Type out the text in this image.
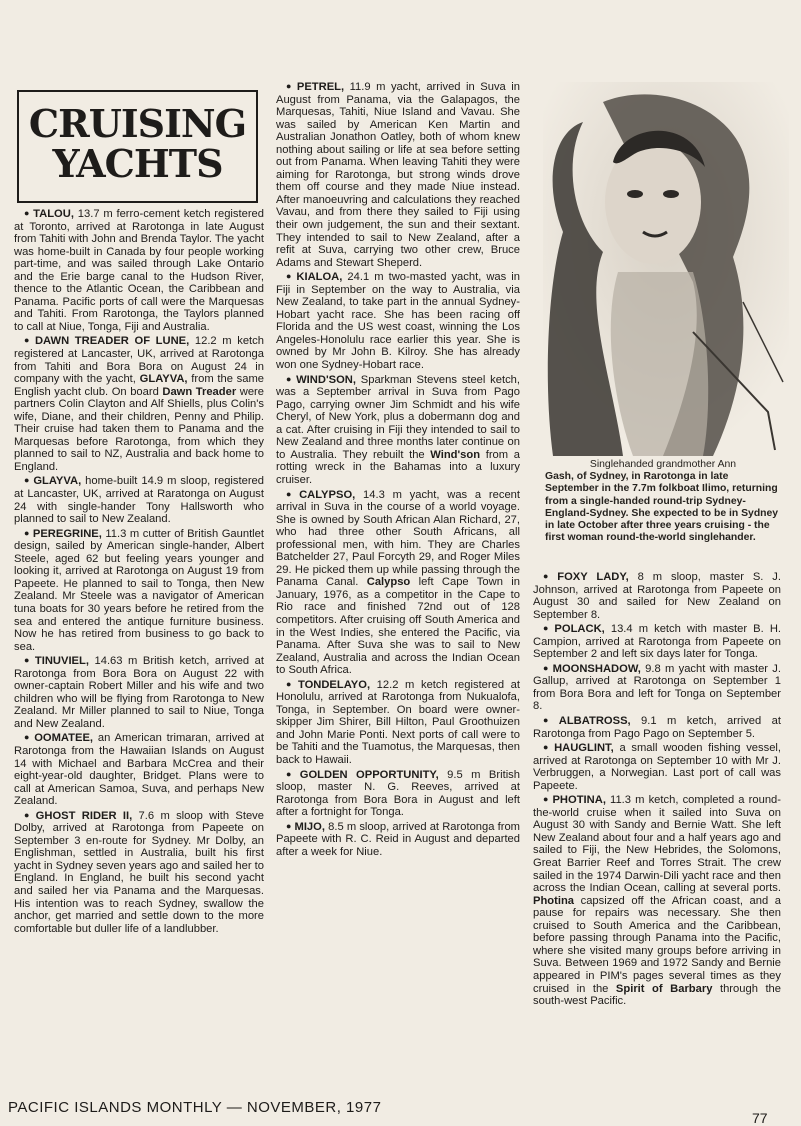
CRUISING
YACHTS

● TALOU, 13.7 m ferro-cement ketch registered at Toronto, arrived at Rarotonga in late August from Tahiti with John and Brenda Taylor. The yacht was home-built in Canada by four people working part-time, and was sailed through Lake Ontario and the Erie barge canal to the Hudson River, thence to the Atlantic Ocean, the Caribbean and Panama. Pacific ports of call were the Marquesas and Tahiti. From Rarotonga, the Taylors planned to call at Niue, Tonga, Fiji and Australia.

● DAWN TREADER OF LUNE, 12.2 m ketch registered at Lancaster, UK, arrived at Rarotonga from Tahiti and Bora Bora on August 24 in company with the yacht, GLAYVA, from the same English yacht club. On board Dawn Treader were partners Colin Clayton and Alf Shiells, plus Colin's wife, Diane, and their children, Penny and Philip. Their cruise had taken them to Panama and the Marquesas before Rarotonga, from which they planned to sail to NZ, Australia and back home to England.

● GLAYVA, home-built 14.9 m sloop, registered at Lancaster, UK, arrived at Raratonga on August 24 with single-hander Tony Hallsworth who planned to sail to New Zealand.

● PEREGRINE, 11.3 m cutter of British Gauntlet design, sailed by American single-hander, Albert Steele, aged 62 but feeling years younger and looking it, arrived at Rarotonga on August 19 from Papeete. He planned to sail to Tonga, then New Zealand. Mr Steele was a navigator of American tuna boats for 30 years before he retired from the sea and entered the antique furniture business. Now he has retired from business to go back to sea.

● TINUVIEL, 14.63 m British ketch, arrived at Rarotonga from Bora Bora on August 22 with owner-captain Robert Miller and his wife and two children who will be flying from Rarotonga to New Zealand. Mr Miller planned to sail to Niue, Tonga and New Zealand.

● OOMATEE, an American trimaran, arrived at Rarotonga from the Hawaiian Islands on August 14 with Michael and Barbara McCrea and their eight-year-old daughter, Bridget. Plans were to call at American Samoa, Suva, and perhaps New Zealand.

● GHOST RIDER II, 7.6 m sloop with Steve Dolby, arrived at Rarotonga from Papeete on September 3 en-route for Sydney. Mr Dolby, an Englishman, settled in Australia, built his first yacht in Sydney seven years ago and sailed her to England. In England, he built his second yacht and sailed her via Panama and the Marquesas. His intention was to reach Sydney, swallow the anchor, get married and settle down to the more comfortable but duller life of a landlubber.

● PETREL, 11.9 m yacht, arrived in Suva in August from Panama, via the Galapagos, the Marquesas, Tahiti, Niue Island and Vavau. She was sailed by American Ken Martin and Australian Jonathon Oatley, both of whom knew nothing about sailing or life at sea before setting out from Panama. When leaving Tahiti they were aiming for Rarotonga, but strong winds drove them off course and they made Niue instead. After manoeuvring and calculations they reached Vavau, and from there they sailed to Fiji using their own judgement, the sun and their sextant. They intended to sail to New Zealand, after a refit at Suva, carrying two other crew, Bruce Adams and Stewart Sheperd.

● KIALOA, 24.1 m two-masted yacht, was in Fiji in September on the way to Australia, via New Zealand, to take part in the annual Sydney-Hobart yacht race. She has been racing off Florida and the US west coast, winning the Los Angeles-Honolulu race earlier this year. She is owned by Mr John B. Kilroy. She has already won one Sydney-Hobart race.

● WIND'SON, Sparkman Stevens steel ketch, was a September arrival in Suva from Pago Pago, carrying owner Jim Schmidt and his wife Cheryl, of New York, plus a dobermann dog and a cat. After cruising in Fiji they intended to sail to New Zealand and three months later continue on to Australia. They rebuilt the Wind'son from a rotting wreck in the Bahamas into a luxury cruiser.

● CALYPSO, 14.3 m yacht, was a recent arrival in Suva in the course of a world voyage. She is owned by South African Alan Richard, 27, who had three other South Africans, all professional men, with him. They are Charles Batchelder 27, Paul Forcyth 29, and Roger Miles 29. He picked them up while passing through the Panama Canal. Calypso left Cape Town in January, 1976, as a competitor in the Cape to Rio race and finished 72nd out of 128 competitors. After cruising off South America and in the West Indies, she entered the Pacific, via Panama. After Suva she was to sail to New Zealand, Australia and across the Indian Ocean to South Africa.

● TONDELAYO, 12.2 m ketch registered at Honolulu, arrived at Rarotonga from Nukualofa, Tonga, in September. On board were owner-skipper Jim Shirer, Bill Hilton, Paul Groothuizen and John Marie Ponti. Next ports of call were to be Tahiti and the Tuamotus, the Marquesas, then back to Hawaii.

● GOLDEN OPPORTUNITY, 9.5 m British sloop, master N. G. Reeves, arrived at Rarotonga from Bora Bora in August and left after a fortnight for Tonga.

● MIJO, 8.5 m sloop, arrived at Rarotonga from Papeete with R. C. Reid in August and departed after a week for Niue.

Singlehanded grandmother Ann
Gash, of Sydney, in Rarotonga in late September in the 7.7m folkboat Ilimo, returning from a single-handed round-trip Sydney-England-Sydney. She expected to be in Sydney in late October after three years cruising - the first woman round-the-world singlehander.

● FOXY LADY, 8 m sloop, master S. J. Johnson, arrived at Rarotonga from Papeete on August 30 and sailed for New Zealand on September 8.

● POLACK, 13.4 m ketch with master B. H. Campion, arrived at Rarotonga from Papeete on September 2 and left six days later for Tonga.

● MOONSHADOW, 9.8 m yacht with master J. Gallup, arrived at Rarotonga on September 1 from Bora Bora and left for Tonga on September 8.

● ALBATROSS, 9.1 m ketch, arrived at Rarotonga from Pago Pago on September 5.

● HAUGLINT, a small wooden fishing vessel, arrived at Rarotonga on September 10 with Mr J. Verbruggen, a Norwegian. Last port of call was Papeete.

● PHOTINA, 11.3 m ketch, completed a round-the-world cruise when it sailed into Suva on August 30 with Sandy and Bernie Watt. She left New Zealand about four and a half years ago and sailed to Fiji, the New Hebrides, the Solomons, Great Barrier Reef and Torres Strait. The crew sailed in the 1974 Darwin-Dili yacht race and then across the Indian Ocean, calling at several ports. Photina capsized off the African coast, and a pause for repairs was necessary. She then cruised to South America and the Caribbean, before passing through Panama into the Pacific, where she visited many groups before arriving in Suva. Between 1969 and 1972 Sandy and Bernie appeared in PIM's pages several times as they cruised in the Spirit of Barbary through the south-west Pacific.

PACIFIC ISLANDS MONTHLY — NOVEMBER, 1977
77
